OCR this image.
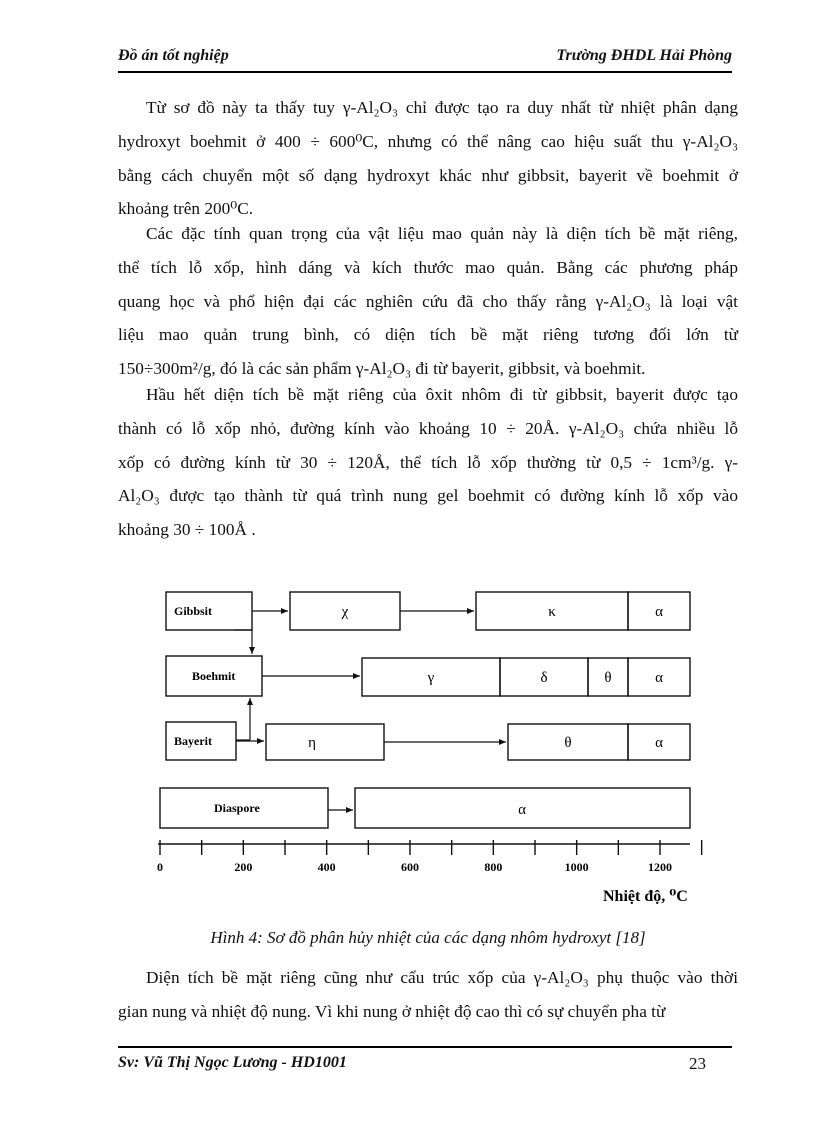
Đồ án tốt nghiệp	Trường ĐHDL Hải Phòng
Từ sơ đồ này ta thấy tuy γ-Al₂O₃ chỉ được tạo ra duy nhất từ nhiệt phân dạng
hydroxyt boehmit ở 400 ÷ 600⁰C, nhưng có thể nâng cao hiệu suất thu γ-Al₂O₃
bằng cách chuyển một số dạng hydroxyt khác như gibbsit, bayerit về boehmit ở
khoảng trên 200⁰C.
Các đặc tính quan trọng của vật liệu mao quản này là diện tích bề mặt riêng,
thể tích lỗ xốp, hình dáng và kích thước mao quản. Bằng các phương pháp
quang học và phổ hiện đại các nghiên cứu đã cho thấy rằng γ-Al₂O₃ là loại vật
liệu mao quản trung bình, có diện tích bề mặt riêng tương đối lớn từ
150÷300m²/g, đó là các sản phẩm γ-Al₂O₃ đi từ bayerit, gibbsit, và boehmit.
Hầu hết diện tích bề mặt riêng của ôxit nhôm đi từ gibbsit, bayerit được tạo
thành có lỗ xốp nhỏ, đường kính vào khoảng 10 ÷ 20Å. γ-Al₂O₃ chứa nhiều lỗ
xốp có đường kính từ 30 ÷ 120Å, thể tích lỗ xốp thường từ 0,5 ÷ 1cm³/g. γ-
Al₂O₃ được tạo thành từ quá trình nung gel boehmit có đường kính lỗ xốp vào
khoảng 30 ÷ 100Å .
Gibbsit	χ	κ	α
Boehmit	γ	δ	θ	α
Bayerit	η	θ	α
Diaspore	α
0	200	400	600	800	1000	1200
Nhiệt độ, ⁰C
Hình 4: Sơ đồ phân hủy nhiệt của các dạng nhôm hydroxyt [18]
Diện tích bề mặt riêng cũng như cấu trúc xốp của γ-Al₂O₃ phụ thuộc vào thời
gian nung và nhiệt độ nung. Vì khi nung ở nhiệt độ cao thì có sự chuyển pha từ
Sv: Vũ Thị Ngọc Lương - HD1001	23
